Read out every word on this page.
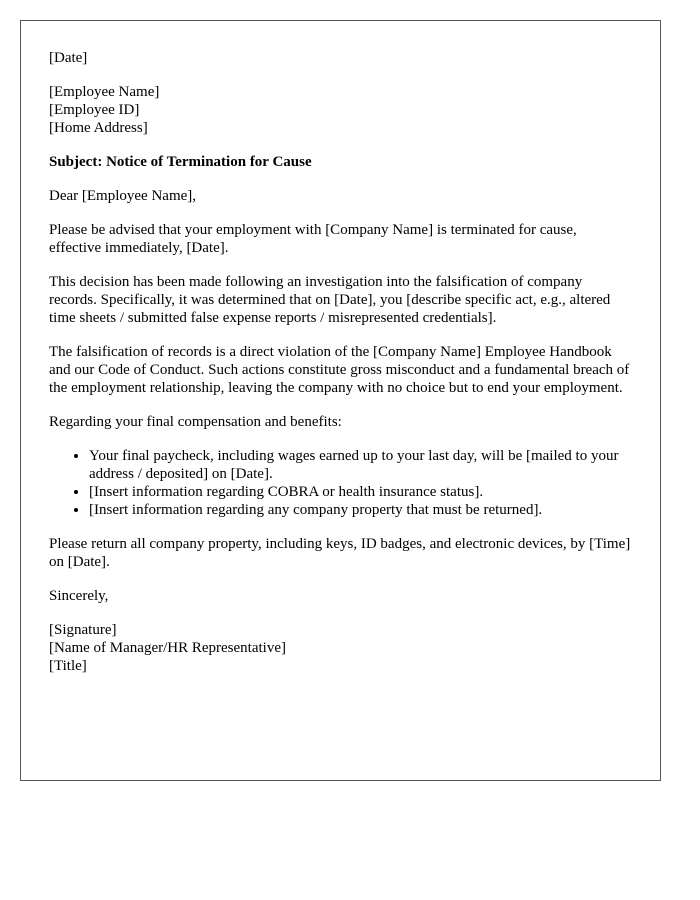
[Date]

[Employee Name]
[Employee ID]
[Home Address]

Subject: Notice of Termination for Cause

Dear [Employee Name],

Please be advised that your employment with [Company Name] is terminated for cause, effective immediately, [Date].

This decision has been made following an investigation into the falsification of company records. Specifically, it was determined that on [Date], you [describe specific act, e.g., altered time sheets / submitted false expense reports / misrepresented credentials].

The falsification of records is a direct violation of the [Company Name] Employee Handbook and our Code of Conduct. Such actions constitute gross misconduct and a fundamental breach of the employment relationship, leaving the company with no choice but to end your employment.

Regarding your final compensation and benefits:

• Your final paycheck, including wages earned up to your last day, will be [mailed to your address / deposited] on [Date].
• [Insert information regarding COBRA or health insurance status].
• [Insert information regarding any company property that must be returned].

Please return all company property, including keys, ID badges, and electronic devices, by [Time] on [Date].

Sincerely,

[Signature]
[Name of Manager/HR Representative]
[Title]
